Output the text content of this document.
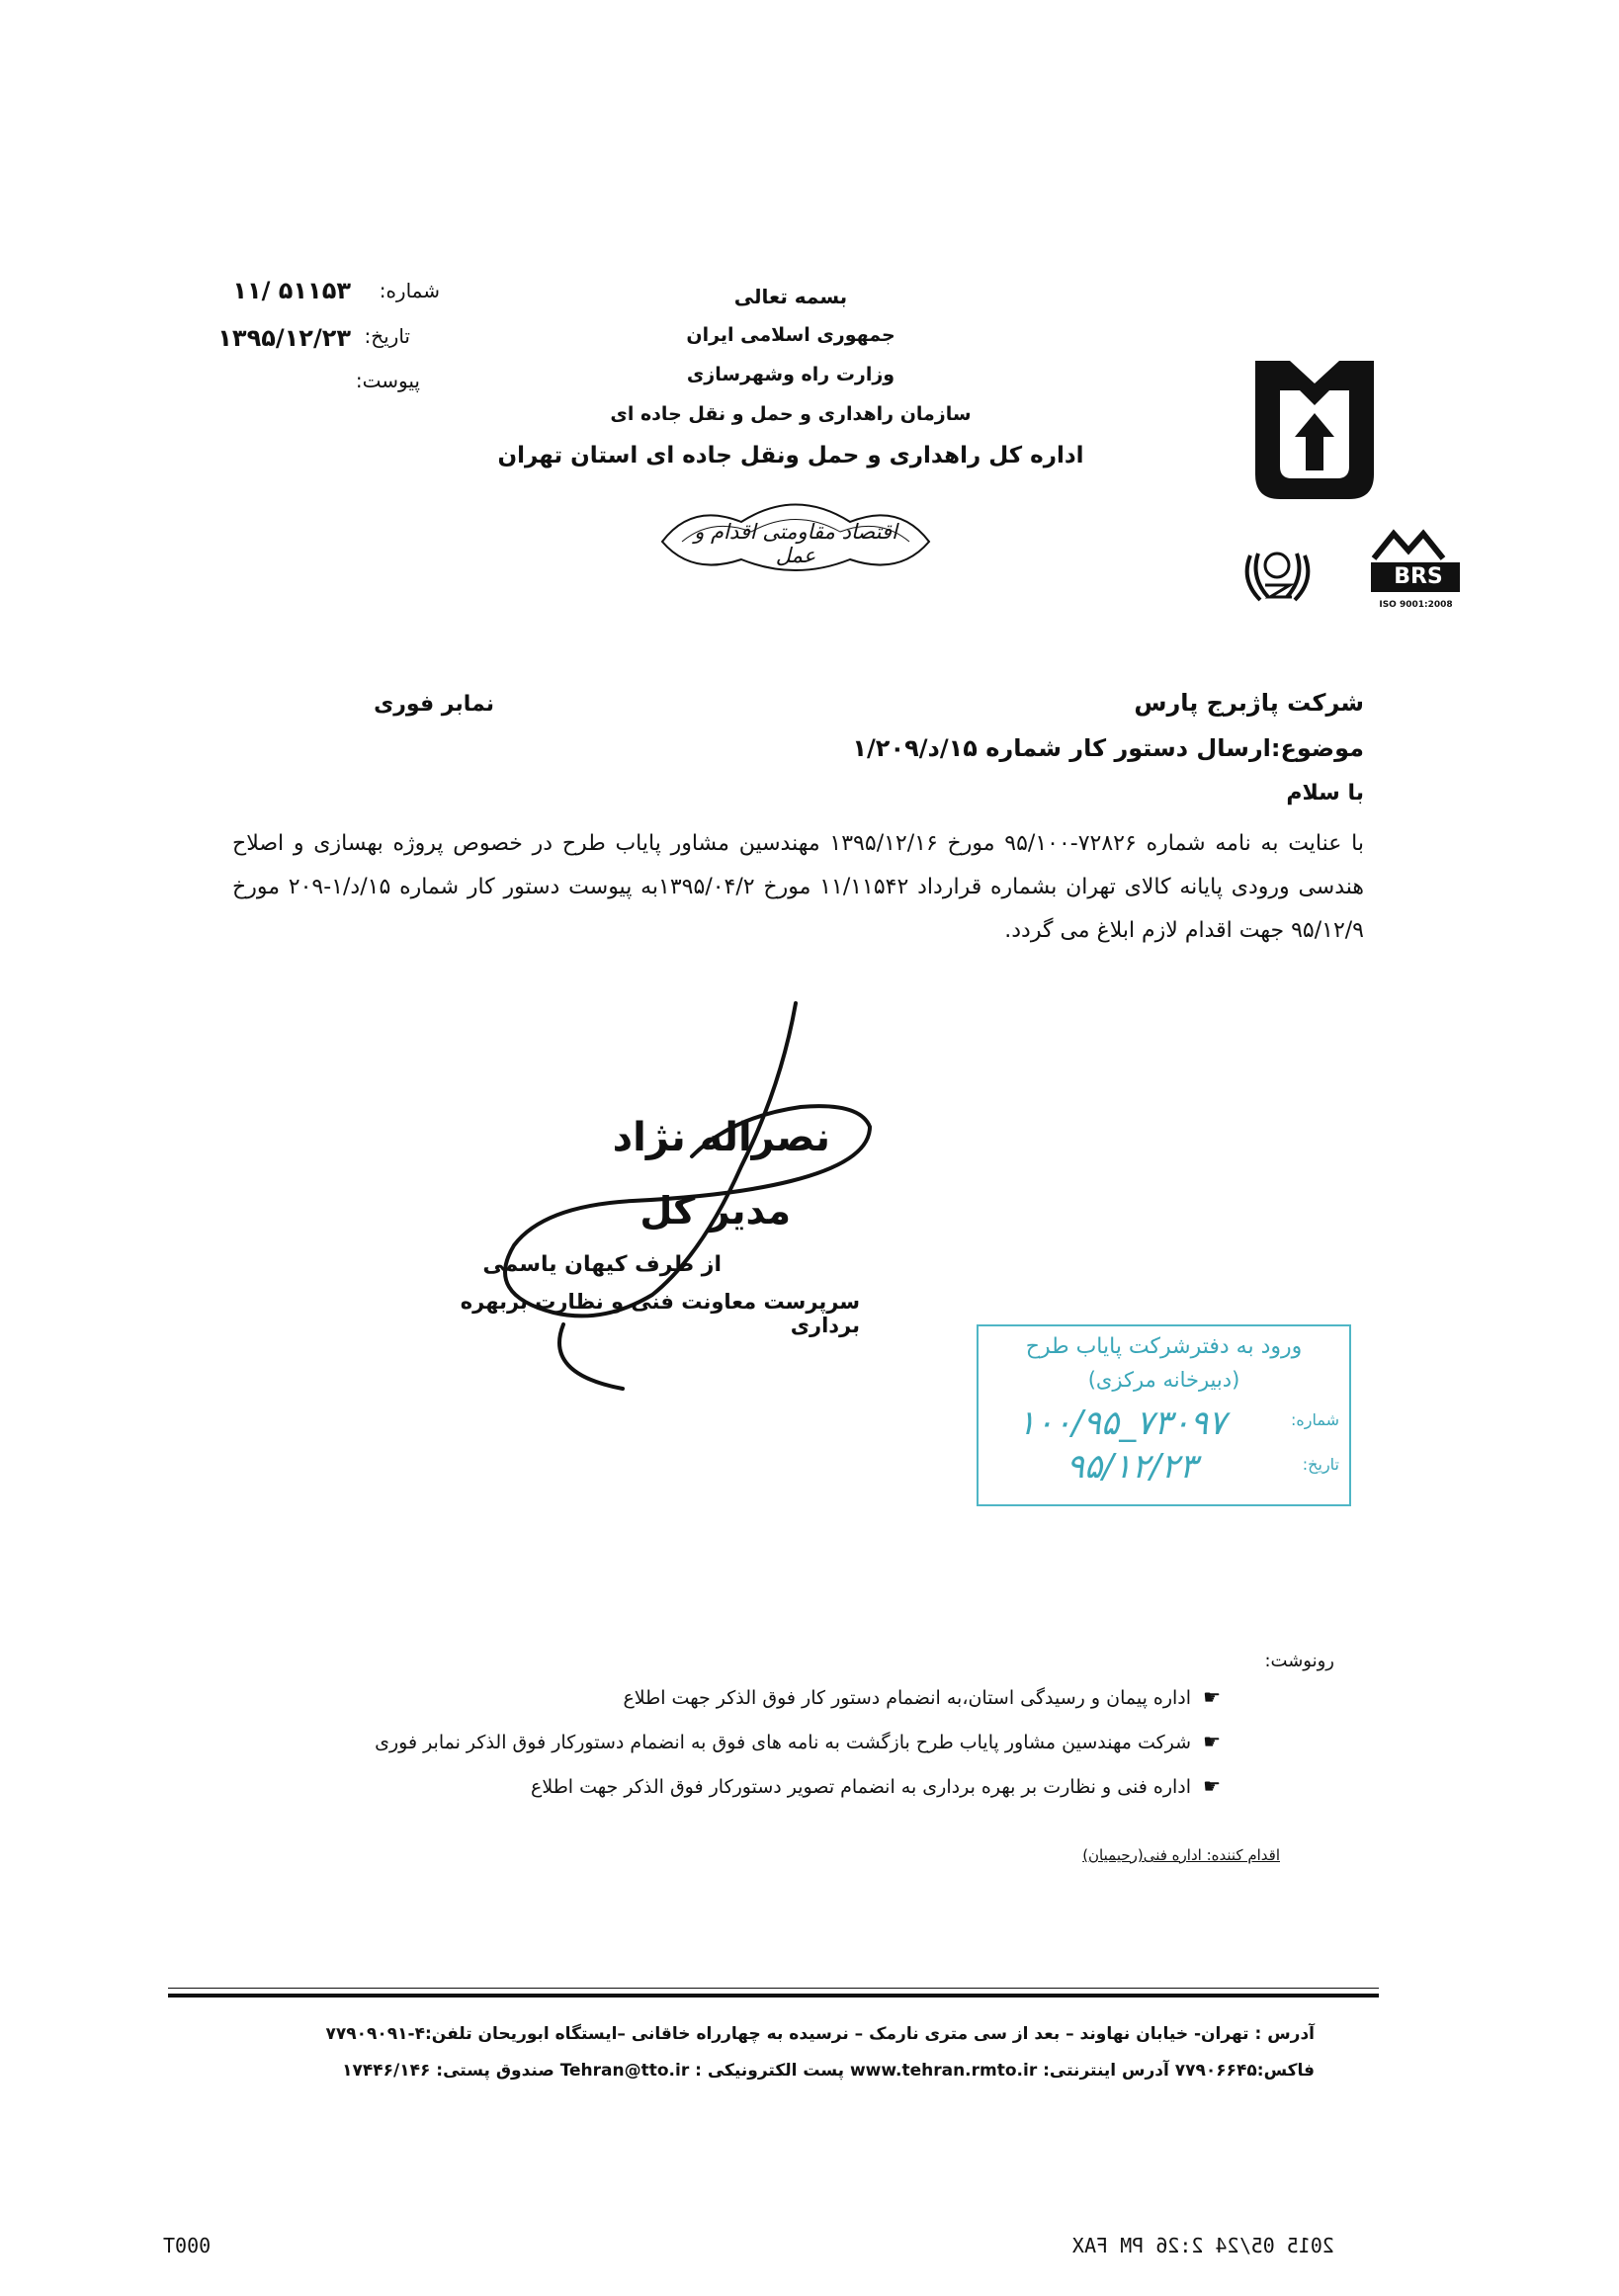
بسمه تعالی
جمهوری اسلامی ایران
وزارت راه وشهرسازی
سازمان راهداری و حمل و نقل جاده ای
اداره کل راهداری و حمل ونقل جاده ای استان تهران
اقتصاد مقاومتی اقدام و عمل
شماره:
۱۱/ ۵۱۱۵۳
تاریخ:
۱۳۹۵/۱۲/۲۳
پیوست:
BRS
ISO 9001:2008
شرکت پاژبرج پارس
نمابر فوری
موضوع:ارسال دستور کار شماره ۱۵/د/۱/۲۰۹
با سلام
با عنایت به نامه شماره ۷۲۸۲۶-۹۵/۱۰۰ مورخ ۱۳۹۵/۱۲/۱۶ مهندسین مشاور پایاب طرح در خصوص پروژه بهسازی و اصلاح هندسی ورودی پایانه کالای تهران بشماره قرارداد ۱۱/۱۱۵۴۲ مورخ ۱۳۹۵/۰۴/۲به پیوست دستور کار شماره ۱۵/د/۱-۲۰۹ مورخ ۹۵/۱۲/۹ جهت اقدام لازم ابلاغ می گردد.
نصراله نژاد
مدیر کل
از طرف کیهان یاسمی
سرپرست معاونت فنی و نظارت بربهره برداری
ورود به دفترشرکت پایاب طرح
(دبیرخانه مرکزی)
شماره:
۱۰۰/۹۵_۷۳۰۹۷
تاریخ:
۹۵/۱۲/۲۳
رونوشت:
☛اداره پیمان و رسیدگی استان،به انضمام دستور کار فوق الذکر جهت اطلاع
☛شرکت مهندسین مشاور پایاب طرح بازگشت به نامه های فوق به انضمام دستورکار فوق الذکر نمابر فوری
☛اداره فنی و نظارت بر بهره برداری به انضمام تصویر دستورکار فوق الذکر جهت اطلاع
اقدام کننده: اداره فنی(رحیمیان)
آدرس : تهران- خیابان نهاوند – بعد از سی متری نارمک – نرسیده به چهارراه خاقانی –ایستگاه ابوریحان تلفن:۴-۷۷۹۰۹۰۹۱
فاکس:۷۷۹۰۶۶۴۵ آدرس اینترنتی: www.tehran.rmto.ir پست الکترونیکی : Tehran@tto.ir صندوق پستی: ۱۷۴۴۶/۱۴۶
T000	2015 05/24 2:26 PM FAX
